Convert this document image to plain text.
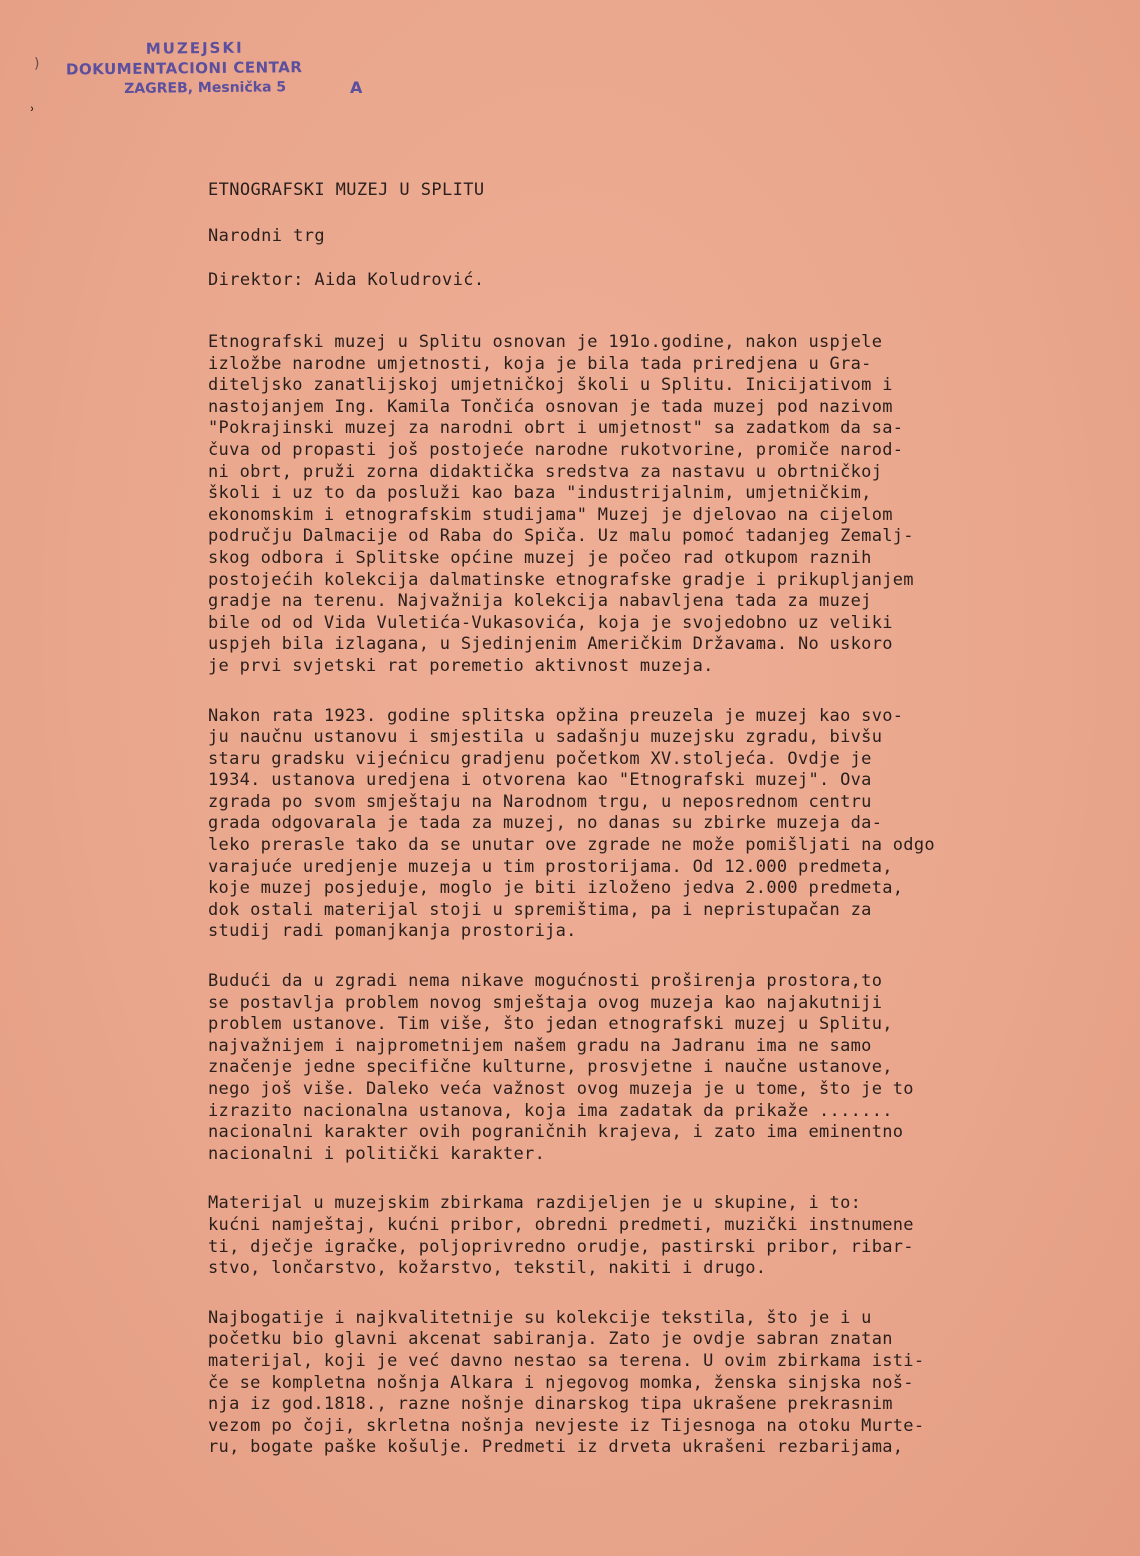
MUZEJSKI
DOKUMENTACIONI CENTAR
ZAGREB, Mesnička 5	A
)
ʾ
ETNOGRAFSKI MUZEJ U SPLITU
Narodni trg
Direktor: Aida Koludrović.
Etnografski muzej u Splitu osnovan je 191o.godine, nakon uspjele
izložbe narodne umjetnosti, koja je bila tada priredjena u Gra-
diteljsko zanatlijskoj umjetničkoj školi u Splitu. Inicijativom i
nastojanjem Ing. Kamila Tončića osnovan je tada muzej pod nazivom
"Pokrajinski muzej za narodni obrt i umjetnost" sa zadatkom da sa-
čuva od propasti još postojeće narodne rukotvorine, promiče narod-
ni obrt, pruži zorna didaktička sredstva za nastavu u obrtničkoj
školi i uz to da posluži kao baza "industrijalnim, umjetničkim,
ekonomskim i etnografskim studijama" Muzej je djelovao na cijelom
području Dalmacije od Raba do Spiča. Uz malu pomoć tadanjeg Zemalj-
skog odbora i Splitske općine muzej je počeo rad otkupom raznih
postojećih kolekcija dalmatinske etnografske gradje i prikupljanjem
gradje na terenu. Najvažnija kolekcija nabavljena tada za muzej
bile od od Vida Vuletića-Vukasovića, koja je svojedobno uz veliki
uspjeh bila izlagana, u Sjedinjenim Američkim Državama. No uskoro
je prvi svjetski rat poremetio aktivnost muzeja.
Nakon rata 1923. godine splitska opžina preuzela je muzej kao svo-
ju naučnu ustanovu i smjestila u sadašnju muzejsku zgradu, bivšu
staru gradsku vijećnicu gradjenu početkom XV.stoljeća. Ovdje je
1934. ustanova uredjena i otvorena kao "Etnografski muzej". Ova
zgrada po svom smještaju na Narodnom trgu, u neposrednom centru
grada odgovarala je tada za muzej, no danas su zbirke muzeja da-
leko prerasle tako da se unutar ove zgrade ne može pomišljati na odgo
varajuće uredjenje muzeja u tim prostorijama. Od 12.000 predmeta,
koje muzej posjeduje, moglo je biti izloženo jedva 2.000 predmeta,
dok ostali materijal stoji u spremištima, pa i nepristupačan za
studij radi pomanjkanja prostorija.
Budući da u zgradi nema nikave mogućnosti proširenja prostora,to
se postavlja problem novog smještaja ovog muzeja kao najakutniji
problem ustanove. Tim više, što jedan etnografski muzej u Splitu,
najvažnijem i najprometnijem našem gradu na Jadranu ima ne samo
značenje jedne specifične kulturne, prosvjetne i naučne ustanove,
nego još više. Daleko veća važnost ovog muzeja je u tome, što je to
izrazito nacionalna ustanova, koja ima zadatak da prikaže .......
nacionalni karakter ovih pograničnih krajeva, i zato ima eminentno
nacionalni i politički karakter.
Materijal u muzejskim zbirkama razdijeljen je u skupine, i to:
kućni namještaj, kućni pribor, obredni predmeti, muzički instnumene
ti, dječje igračke, poljoprivredno orudje, pastirski pribor, ribar-
stvo, lončarstvo, kožarstvo, tekstil, nakiti i drugo.
Najbogatije i najkvalitetnije su kolekcije tekstila, što je i u
početku bio glavni akcenat sabiranja. Zato je ovdje sabran znatan
materijal, koji je već davno nestao sa terena. U ovim zbirkama isti-
če se kompletna nošnja Alkara i njegovog momka, ženska sinjska noš-
nja iz god.1818., razne nošnje dinarskog tipa ukrašene prekrasnim
vezom po čoji, skrletna nošnja nevjeste iz Tijesnoga na otoku Murte-
ru, bogate paške košulje. Predmeti iz drveta ukrašeni rezbarijama,
